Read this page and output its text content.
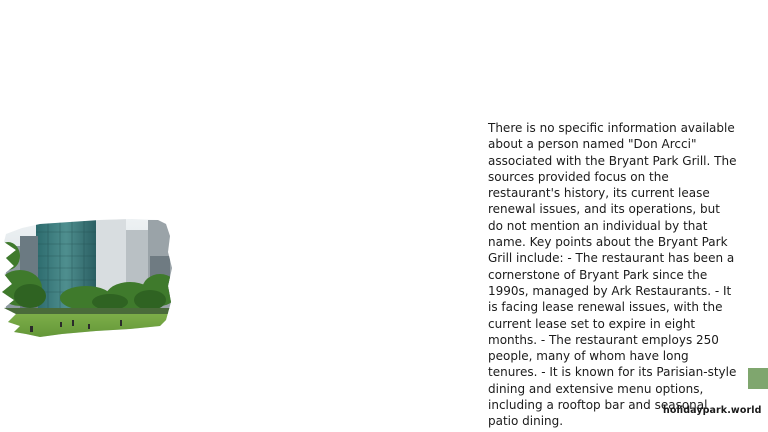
There is no specific information available about a person named "Don Arcci" associated with the Bryant Park Grill. The sources provided focus on the restaurant's history, its current lease renewal issues, and its operations, but do not mention an individual by that name. Key points about the Bryant Park Grill include: - The restaurant has been a cornerstone of Bryant Park since the 1990s, managed by Ark Restaurants. - It is facing lease renewal issues, with the current lease set to expire in eight months. - The restaurant employs 250 people, many of whom have long tenures. - It is known for its Parisian-style dining and extensive menu options, including a rooftop bar and seasonal patio dining.

holidaypark.world
